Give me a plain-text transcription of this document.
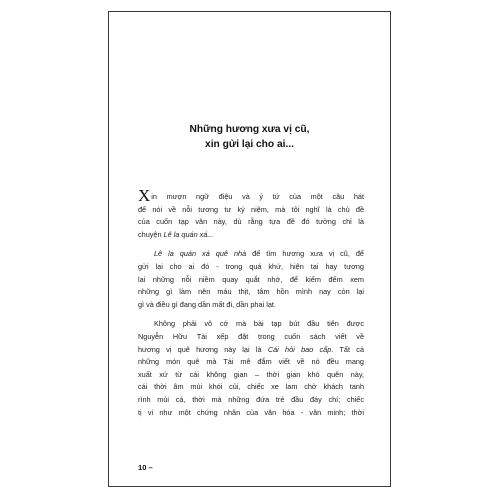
Những hương xưa vị cũ,
xin gửi lại cho ai...
Xin mượn ngữ điệu và ý tứ của một câu hát
để nói về nỗi tương tư ký niệm, mà tôi nghĩ là chủ đề
của cuốn tạp văn này, dù rằng tựa đề đó tưởng chỉ là
chuyện Lê la quán xá...
Lê la quán xá quê nhà để tìm hương xưa vị cũ, để
gửi lại cho ai đó - trong quá khứ, hiện tại hay tương
lai những nỗi niềm quay quắt nhớ, để kiếm đếm xem
những gì làm nên máu thịt, tâm hồn mình nay còn lại
gì và điều gì đang dần mất đi, dần phai lạt.
Không phải vô cớ mà bài tạp bút đầu tiên được
Nguyễn Hữu Tài xếp đặt trong cuốn sách viết về
hương vị quê hương này lại là Cái hỏi bao cấp. Tất cả
những món quê mà Tài mê đắm viết về nó đều mang
xuất xứ từ cái không gian – thời gian khó quên này,
cái thời âm mùi khói củi, chiếc xe lam chở khách tanh
rình mùi cá, thời mà những đứa trẻ đầu đáy chí; chiếc
tị vi như một chứng nhân của văn hóa - văn minh; thời
10 –
